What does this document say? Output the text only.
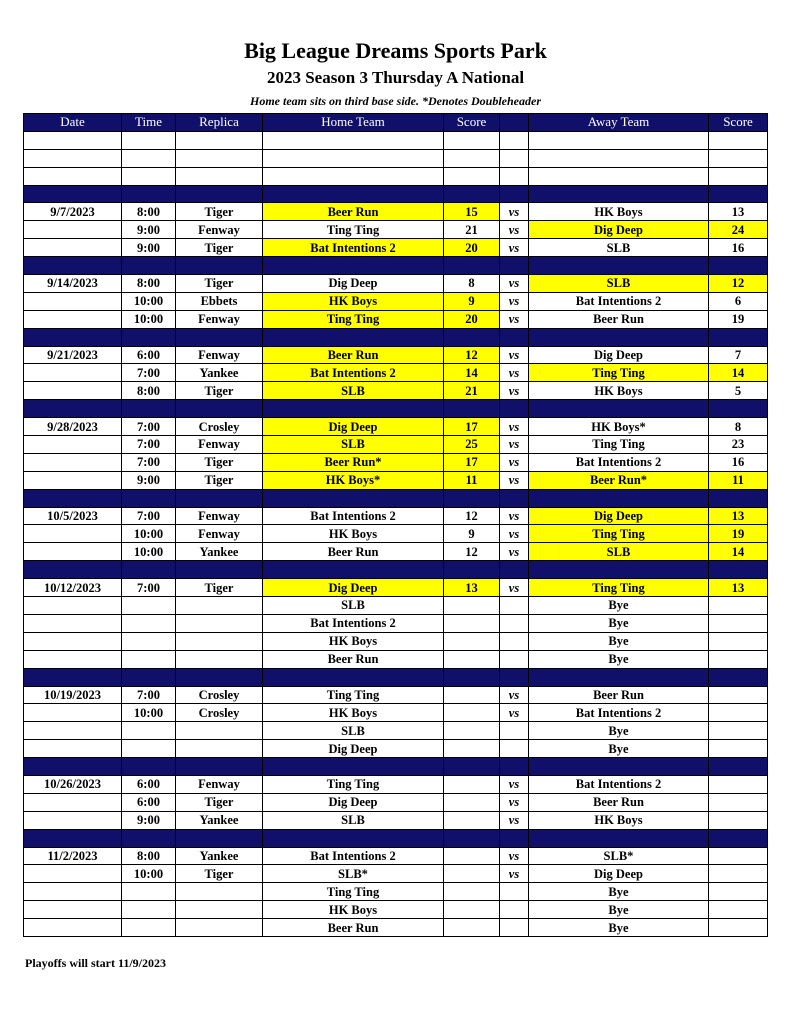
Big League Dreams Sports Park
2023 Season 3 Thursday A National
Home team sits on third base side. *Denotes Doubleheader
Date	Time	Replica	Home Team	Score		Away Team	Score

9/7/2023	8:00	Tiger	Beer Run	15	vs	HK Boys	13
	9:00	Fenway	Ting Ting	21	vs	Dig Deep	24
	9:00	Tiger	Bat Intentions 2	20	vs	SLB	16

9/14/2023	8:00	Tiger	Dig Deep	8	vs	SLB	12
	10:00	Ebbets	HK Boys	9	vs	Bat Intentions 2	6
	10:00	Fenway	Ting Ting	20	vs	Beer Run	19

9/21/2023	6:00	Fenway	Beer Run	12	vs	Dig Deep	7
	7:00	Yankee	Bat Intentions 2	14	vs	Ting Ting	14
	8:00	Tiger	SLB	21	vs	HK Boys	5

9/28/2023	7:00	Crosley	Dig Deep	17	vs	HK Boys*	8
	7:00	Fenway	SLB	25	vs	Ting Ting	23
	7:00	Tiger	Beer Run*	17	vs	Bat Intentions 2	16
	9:00	Tiger	HK Boys*	11	vs	Beer Run*	11

10/5/2023	7:00	Fenway	Bat Intentions 2	12	vs	Dig Deep	13
	10:00	Fenway	HK Boys	9	vs	Ting Ting	19
	10:00	Yankee	Beer Run	12	vs	SLB	14

10/12/2023	7:00	Tiger	Dig Deep	13	vs	Ting Ting	13
			SLB			Bye	
			Bat Intentions 2			Bye	
			HK Boys			Bye	
			Beer Run			Bye	

10/19/2023	7:00	Crosley	Ting Ting		vs	Beer Run	
	10:00	Crosley	HK Boys		vs	Bat Intentions 2	
			SLB			Bye	
			Dig Deep			Bye	

10/26/2023	6:00	Fenway	Ting Ting		vs	Bat Intentions 2	
	6:00	Tiger	Dig Deep		vs	Beer Run	
	9:00	Yankee	SLB		vs	HK Boys	

11/2/2023	8:00	Yankee	Bat Intentions 2		vs	SLB*	
	10:00	Tiger	SLB*		vs	Dig Deep	
			Ting Ting			Bye	
			HK Boys			Bye	
			Beer Run			Bye	
Playoffs will start 11/9/2023
